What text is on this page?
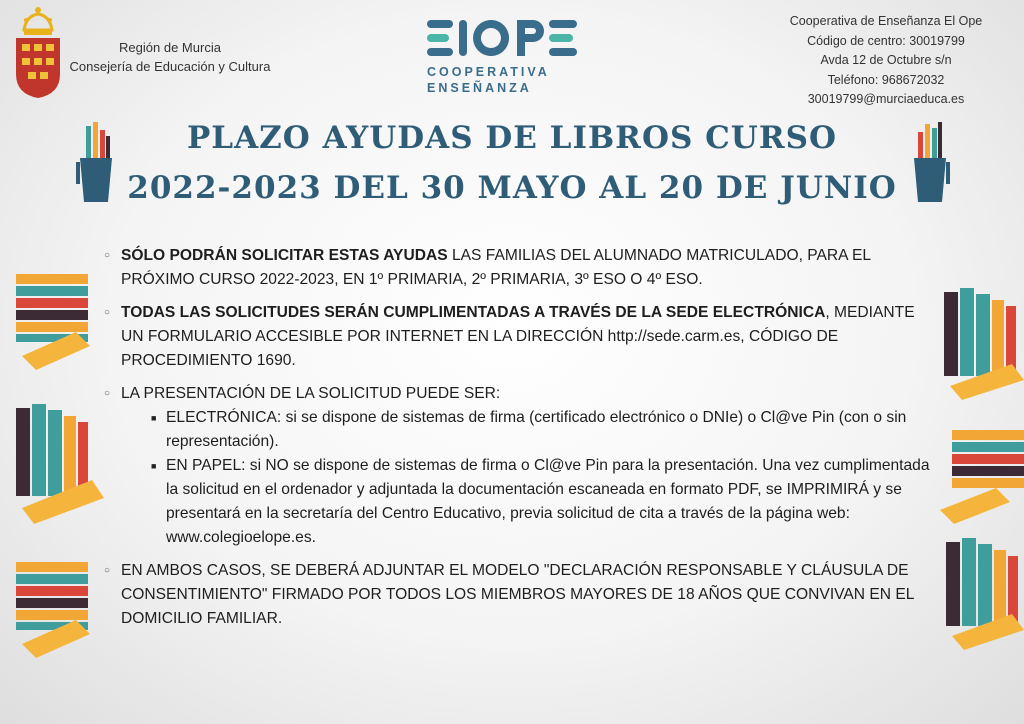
Región de Murcia
Consejería de Educación y Cultura	COOPERATIVA
ENSEÑANZA
Cooperativa de Enseñanza El Ope
Código de centro: 30019799
Avda 12 de Octubre s/n
Teléfono: 968672032
30019799@murciaeduca.es
PLAZO AYUDAS DE LIBROS CURSO
2022-2023 DEL 30 MAYO AL 20 DE JUNIO
○ SÓLO PODRÁN SOLICITAR ESTAS AYUDAS LAS FAMILIAS DEL ALUMNADO MATRICULADO, PARA EL PRÓXIMO CURSO 2022-2023, EN 1º PRIMARIA, 2º PRIMARIA, 3º ESO O 4º ESO.
○ TODAS LAS SOLICITUDES SERÁN CUMPLIMENTADAS A TRAVÉS DE LA SEDE ELECTRÓNICA, MEDIANTE UN FORMULARIO ACCESIBLE POR INTERNET EN LA DIRECCIÓN http://sede.carm.es, CÓDIGO DE PROCEDIMIENTO 1690.
○ LA PRESENTACIÓN DE LA SOLICITUD PUEDE SER:
■ ELECTRÓNICA: si se dispone de sistemas de firma (certificado electrónico o DNIe) o Cl@ve Pin (con o sin representación).
■ EN PAPEL: si NO se dispone de sistemas de firma o Cl@ve Pin para la presentación. Una vez cumplimentada la solicitud en el ordenador y adjuntada la documentación escaneada en formato PDF, se IMPRIMIRÁ y se presentará en la secretaría del Centro Educativo, previa solicitud de cita a través de la página web: www.colegioelope.es.
○ EN AMBOS CASOS, SE DEBERÁ ADJUNTAR EL MODELO "DECLARACIÓN RESPONSABLE Y CLÁUSULA DE CONSENTIMIENTO" FIRMADO POR TODOS LOS MIEMBROS MAYORES DE 18 AÑOS QUE CONVIVAN EN EL DOMICILIO FAMILIAR.
